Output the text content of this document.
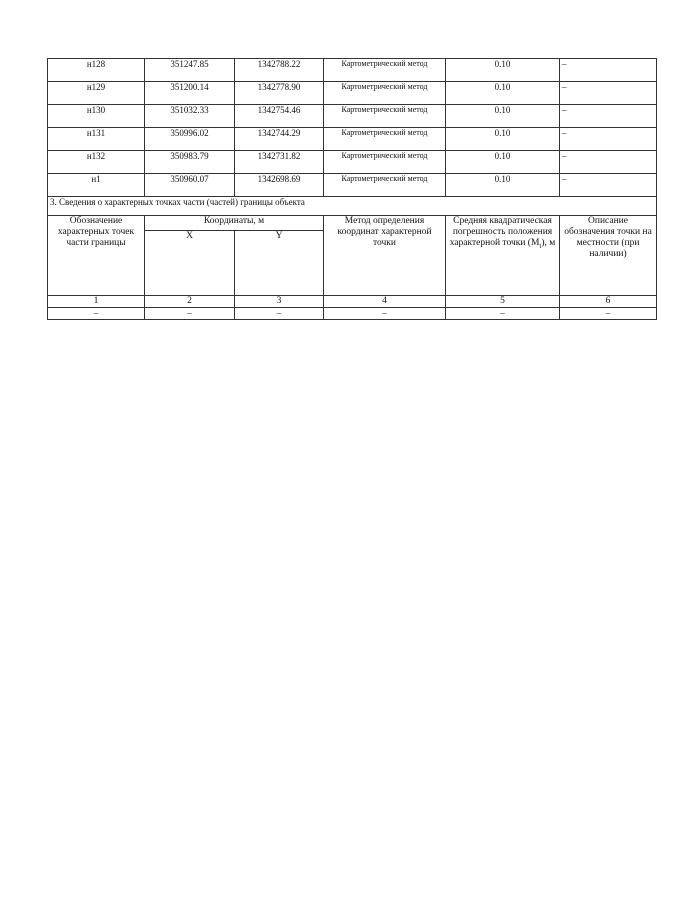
н128	351247.85	1342788.22	Картометрический метод	0.10	–
н129	351200.14	1342778.90	Картометрический метод	0.10	–
н130	351032.33	1342754.46	Картометрический метод	0.10	–
н131	350996.02	1342744.29	Картометрический метод	0.10	–
н132	350983.79	1342731.82	Картометрический метод	0.10	–
н1	350960.07	1342698.69	Картометрический метод	0.10	–
3. Сведения о характерных точках части (частей) границы объекта					
Обозначение характерных точек части границы	Координаты, м		Метод определения координат характерной точки	Средняя квадратическая погрешность положения характерной точки $(M_t)$, м	Описание обозначения точки на местности (при наличии)
	X	Y			
1	2	3	4	5	6
–	–	–	–	–	–
